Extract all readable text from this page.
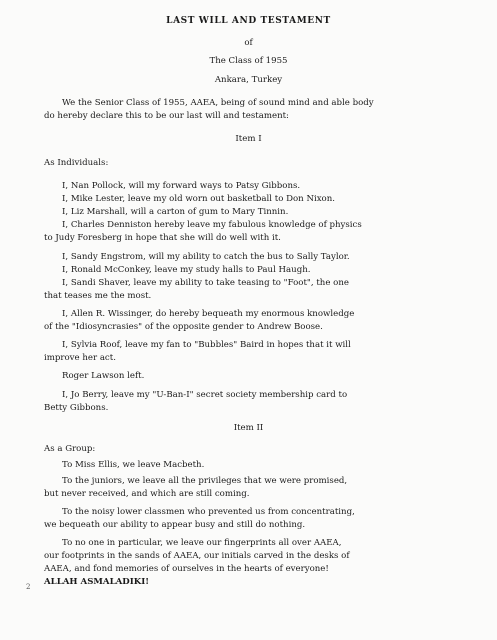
LAST WILL AND TESTAMENT
of
The Class of 1955
Ankara, Turkey
We the Senior Class of 1955, AAEA, being of sound mind and able body
do hereby declare this to be our last will and testament:
Item I
As Individuals:
I, Nan Pollock, will my forward ways to Patsy Gibbons.
I, Mike Lester, leave my old worn out basketball to Don Nixon.
I, Liz Marshall, will a carton of gum to Mary Tinnin.
I, Charles Denniston hereby leave my fabulous knowledge of physics
to Judy Foresberg in hope that she will do well with it.
I, Sandy Engstrom, will my ability to catch the bus to Sally Taylor.
I, Ronald McConkey, leave my study halls to Paul Haugh.
I, Sandi Shaver, leave my ability to take teasing to "Foot", the one
that teases me the most.
I, Allen R. Wissinger, do hereby bequeath my enormous knowledge
of the "Idiosyncrasies" of the opposite gender to Andrew Boose.
I, Sylvia Roof, leave my fan to "Bubbles" Baird in hopes that it will
improve her act.
Roger Lawson left.
I, Jo Berry, leave my "U-Ban-I" secret society membership card to
Betty Gibbons.
Item II
As a Group:
To Miss Ellis, we leave Macbeth.
To the juniors, we leave all the privileges that we were promised,
but never received, and which are still coming.
To the noisy lower classmen who prevented us from concentrating,
we bequeath our ability to appear busy and still do nothing.
To no one in particular, we leave our fingerprints all over AAEA,
our footprints in the sands of AAEA, our initials carved in the desks of
AAEA, and fond memories of ourselves in the hearts of everyone!
ALLAH ASMALADIKI!
2
